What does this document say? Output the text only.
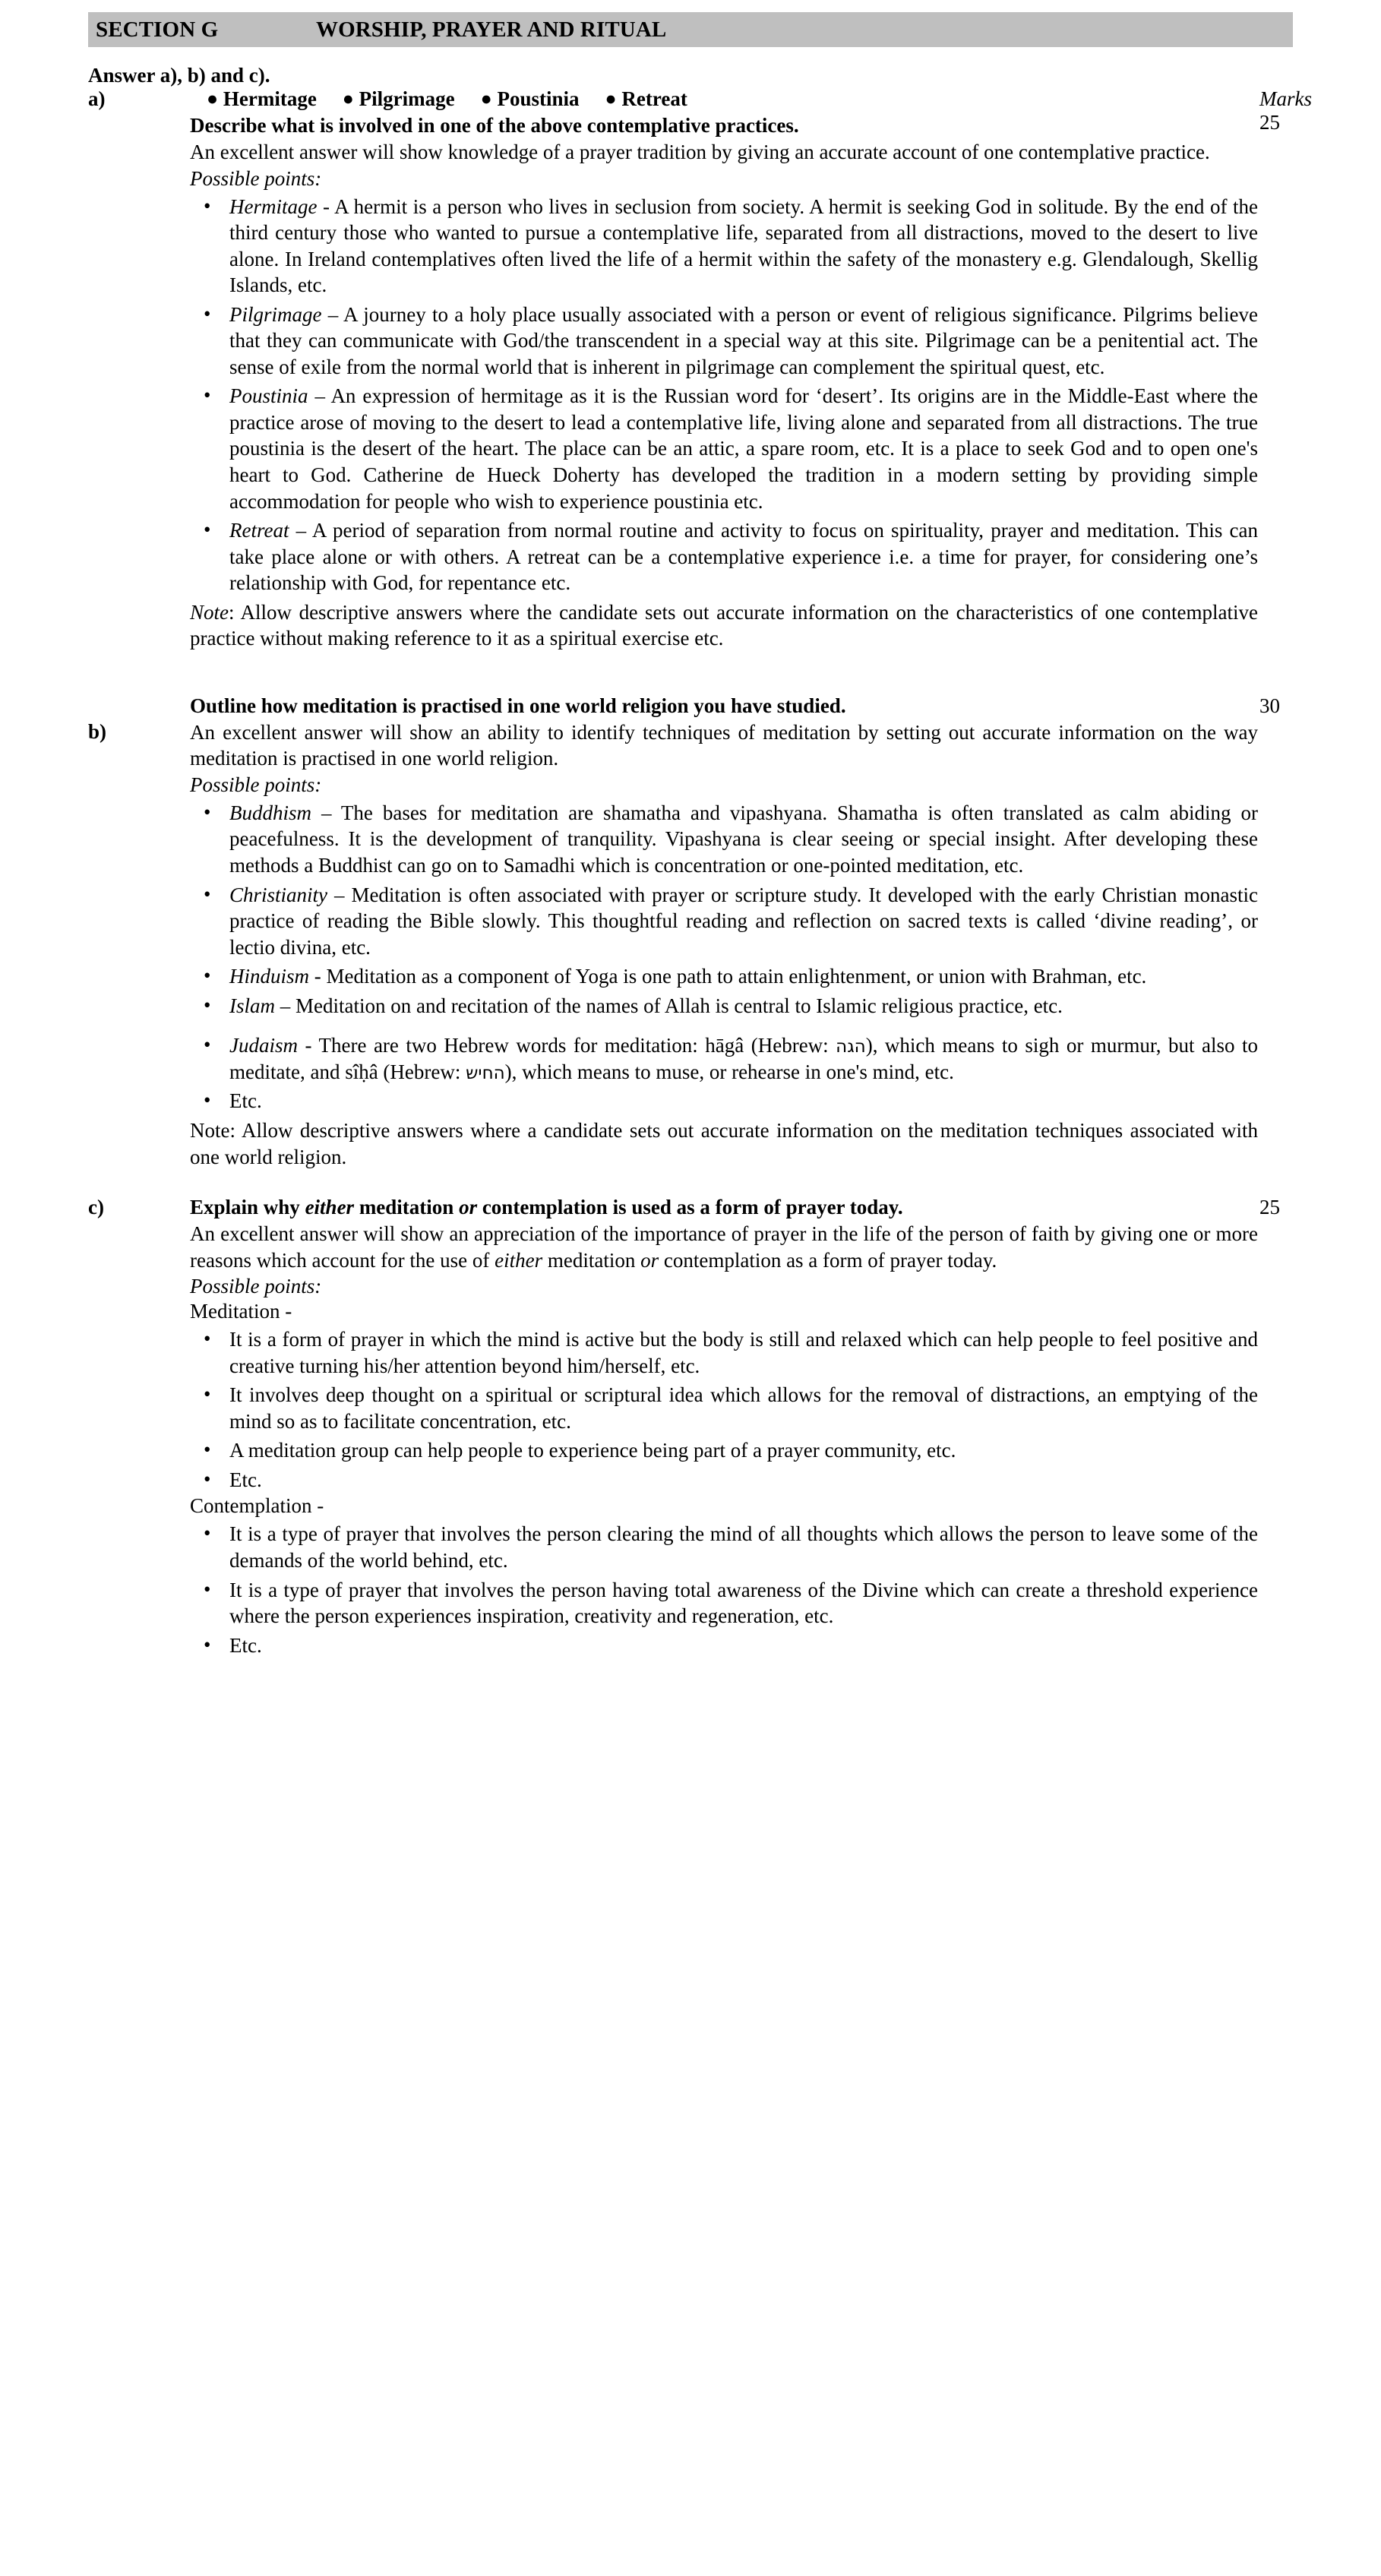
SECTION G	WORSHIP, PRAYER AND RITUAL
Answer a), b) and c).
a)	Marks
25
● Hermitage ● Pilgrimage ● Poustinia ● Retreat
Describe what is involved in one of the above contemplative practices.
An excellent answer will show knowledge of a prayer tradition by giving an accurate account of one contemplative practice.
Possible points:
• Hermitage - A hermit is a person who lives in seclusion from society. A hermit is seeking God in solitude. By the end of the third century those who wanted to pursue a contemplative life, separated from all distractions, moved to the desert to live alone. In Ireland contemplatives often lived the life of a hermit within the safety of the monastery e.g. Glendalough, Skellig Islands, etc.
• Pilgrimage – A journey to a holy place usually associated with a person or event of religious significance. Pilgrims believe that they can communicate with God/the transcendent in a special way at this site. Pilgrimage can be a penitential act. The sense of exile from the normal world that is inherent in pilgrimage can complement the spiritual quest, etc.
• Poustinia – An expression of hermitage as it is the Russian word for ‘desert’. Its origins are in the Middle-East where the practice arose of moving to the desert to lead a contemplative life, living alone and separated from all distractions. The true poustinia is the desert of the heart. The place can be an attic, a spare room, etc. It is a place to seek God and to open one's heart to God. Catherine de Hueck Doherty has developed the tradition in a modern setting by providing simple accommodation for people who wish to experience poustinia etc.
• Retreat – A period of separation from normal routine and activity to focus on spirituality, prayer and meditation. This can take place alone or with others. A retreat can be a contemplative experience i.e. a time for prayer, for considering one’s relationship with God, for repentance etc.
Note: Allow descriptive answers where the candidate sets out accurate information on the characteristics of one contemplative practice without making reference to it as a spiritual exercise etc.
b)
30
Outline how meditation is practised in one world religion you have studied.
An excellent answer will show an ability to identify techniques of meditation by setting out accurate information on the way meditation is practised in one world religion.
Possible points:
• Buddhism – The bases for meditation are shamatha and vipashyana. Shamatha is often translated as calm abiding or peacefulness. It is the development of tranquility. Vipashyana is clear seeing or special insight. After developing these methods a Buddhist can go on to Samadhi which is concentration or one-pointed meditation, etc.
• Christianity – Meditation is often associated with prayer or scripture study. It developed with the early Christian monastic practice of reading the Bible slowly. This thoughtful reading and reflection on sacred texts is called ‘divine reading’, or lectio divina, etc.
• Hinduism - Meditation as a component of Yoga is one path to attain enlightenment, or union with Brahman, etc.
• Islam – Meditation on and recitation of the names of Allah is central to Islamic religious practice, etc.
• Judaism - There are two Hebrew words for meditation: hāgâ (Hebrew: הגה), which means to sigh or murmur, but also to meditate, and sîḥâ (Hebrew: החיש), which means to muse, or rehearse in one's mind, etc.
• Etc.
Note: Allow descriptive answers where a candidate sets out accurate information on the meditation techniques associated with one world religion.
c)	25
Explain why either meditation or contemplation is used as a form of prayer today.
An excellent answer will show an appreciation of the importance of prayer in the life of the person of faith by giving one or more reasons which account for the use of either meditation or contemplation as a form of prayer today.
Possible points:
Meditation -
• It is a form of prayer in which the mind is active but the body is still and relaxed which can help people to feel positive and creative turning his/her attention beyond him/herself, etc.
• It involves deep thought on a spiritual or scriptural idea which allows for the removal of distractions, an emptying of the mind so as to facilitate concentration, etc.
• A meditation group can help people to experience being part of a prayer community, etc.
• Etc.
Contemplation -
• It is a type of prayer that involves the person clearing the mind of all thoughts which allows the person to leave some of the demands of the world behind, etc.
• It is a type of prayer that involves the person having total awareness of the Divine which can create a threshold experience where the person experiences inspiration, creativity and regeneration, etc.
• Etc.
